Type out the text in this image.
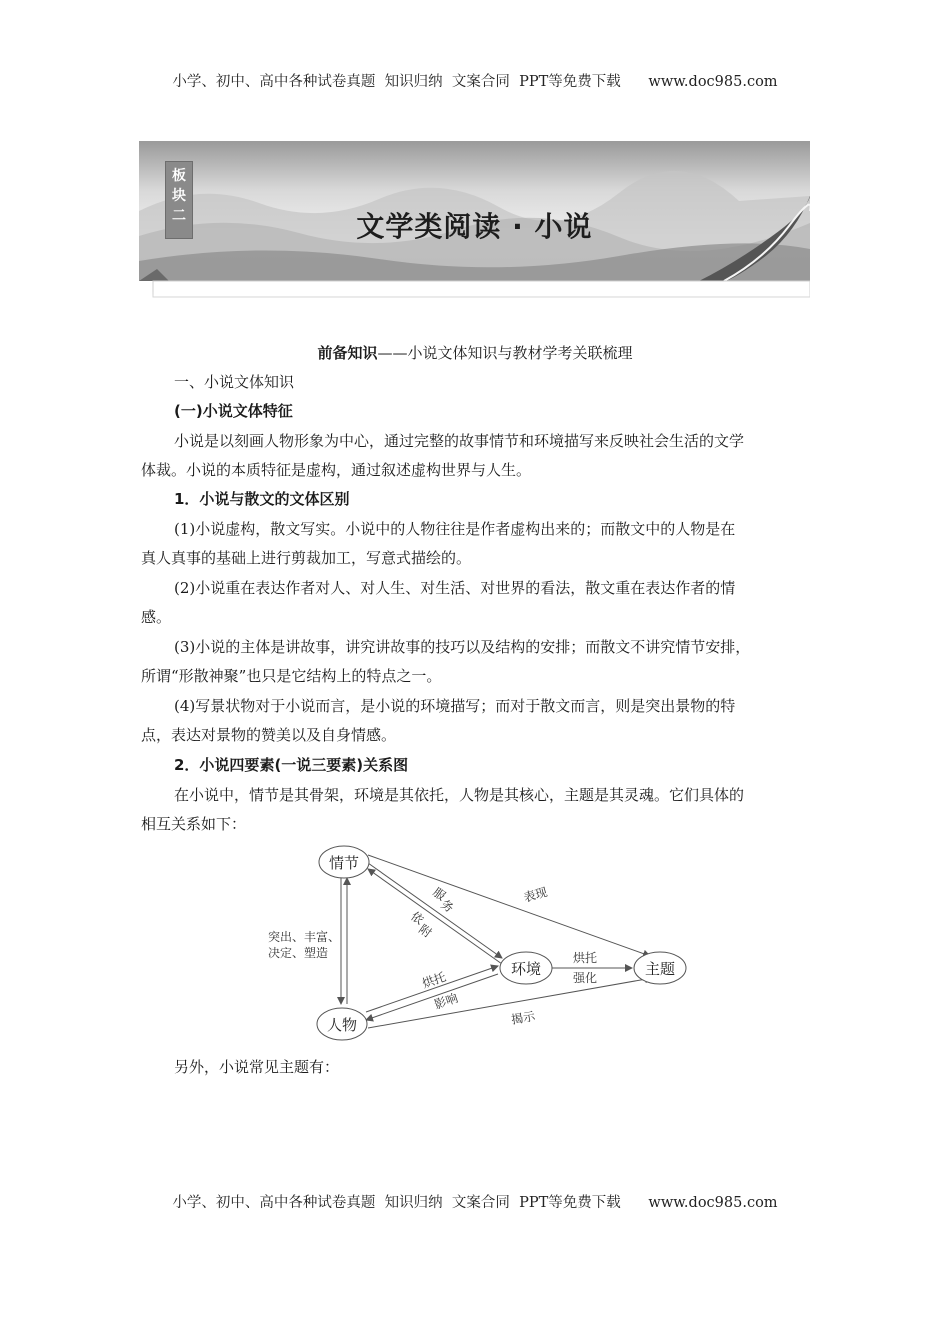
小学、初中、高中各种试卷真题  知识归纳  文案合同  PPT等免费下载      www.doc985.com
板
块
二	文学类阅读 · 小说
前备知识——小说文体知识与教材学考关联梳理
一、小说文体知识
(一)小说文体特征
小说是以刻画人物形象为中心，通过完整的故事情节和环境描写来反映社会生活的文学
体裁。小说的本质特征是虚构，通过叙述虚构世界与人生。
1．小说与散文的文体区别
(1)小说虚构，散文写实。小说中的人物往往是作者虚构出来的；而散文中的人物是在
真人真事的基础上进行剪裁加工，写意式描绘的。
(2)小说重在表达作者对人、对人生、对生活、对世界的看法，散文重在表达作者的情
感。
(3)小说的主体是讲故事，讲究讲故事的技巧以及结构的安排；而散文不讲究情节安排，
所谓“形散神聚”也只是它结构上的特点之一。
(4)写景状物对于小说而言，是小说的环境描写；而对于散文而言，则是突出景物的特
点，表达对景物的赞美以及自身情感。
2．小说四要素(一说三要素)关系图
在小说中，情节是其骨架，环境是其依托，人物是其核心，主题是其灵魂。它们具体的
相互关系如下：
情节
环境	主题
人物
表现
服
务
依
附
突出、丰富、
决定、塑造
烘托
影响
烘托
强化
揭示
另外，小说常见主题有：
小学、初中、高中各种试卷真题  知识归纳  文案合同  PPT等免费下载      www.doc985.com
